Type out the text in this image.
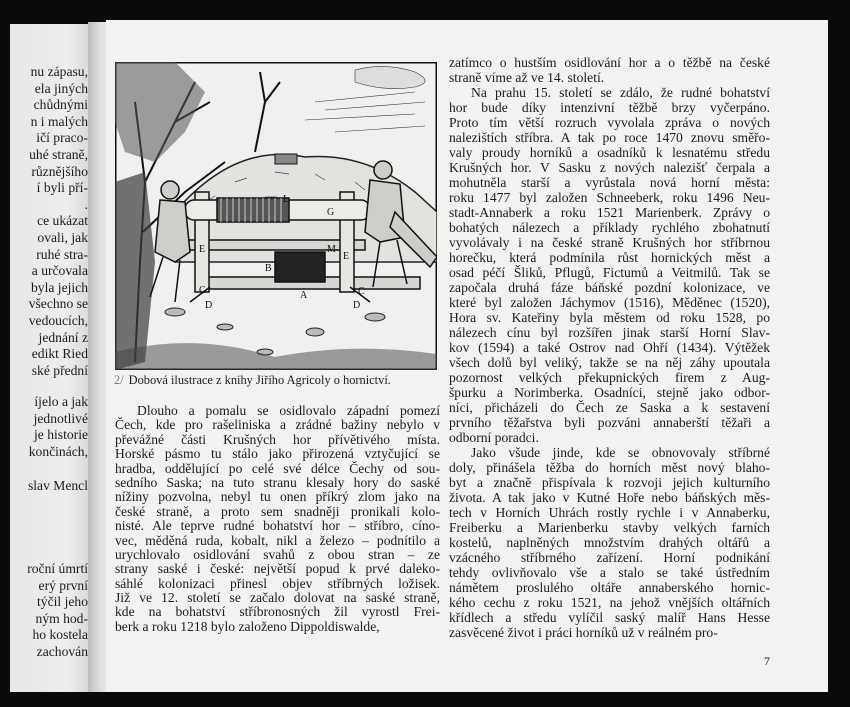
nu zápasu,
ela jiných
chůdnými
n i malých
ičí praco-
uhé straně,
různějšího
í byli pří-
.
ce ukázat
ovali, jak
ruhé stra-
a určovala
byla jejich
všechno se
vedoucích,
jednání z
edikt Ried
ské přední
íjelo a jak
jednotlivé
je historie
končinách,
slav Mencl
roční úmrtí
erý první
týčil jeho
ným hod-
ho kostela
zachován
G
E
E
B
A
C	C
D	D
L
M
2/ Dobová ilustrace z knihy Jiřího Agricoly o hornictví.
Dlouho a pomalu se osidlovalo západní pomezí
Čech, kde pro rašeliniska a zrádné bažiny nebylo v
převážné části Krušných hor přívětivého místa.
Horské pásmo tu stálo jako přirozená vztyčující se
hradba, oddělující po celé své délce Čechy od sou-
sedního Saska; na tuto stranu klesaly hory do saské
nížiny pozvolna, nebyl tu onen příkrý zlom jako na
české straně, a proto sem snadněji pronikali kolo-
nisté. Ale teprve rudné bohatství hor – stříbro, cíno-
vec, měděná ruda, kobalt, nikl a železo – podnítilo a
urychlovalo osidlování svahů z obou stran – ze
strany saské i české: největší popud k prvé daleko-
sáhlé kolonizaci přinesl objev stříbrných ložisek.
Již ve 12. století se začalo dolovat na saské straně,
kde na bohatství stříbronosných žil vyrostl Frei-
berk a roku 1218 bylo založeno Dippoldiswalde,
zatímco o hustším osidlování hor a o těžbě na české
straně víme až ve 14. století.
Na prahu 15. století se zdálo, že rudné bohatství
hor bude díky intenzivní těžbě brzy vyčerpáno.
Proto tím větší rozruch vyvolala zpráva o nových
nalezištích stříbra. A tak po roce 1470 znovu směřo-
valy proudy horníků a osadníků k lesnatému středu
Krušných hor. V Sasku z nových nalezišť čerpala a
mohutněla starší a vyrůstala nová horní města:
roku 1477 byl založen Schneeberk, roku 1496 Neu-
stadt-Annaberk a roku 1521 Marienberk. Zprávy o
bohatých nálezech a příklady rychlého zbohatnutí
vyvolávaly i na české straně Krušných hor stříbrnou
horečku, která podmínila růst hornických měst a
osad péčí Šliků, Pflugů, Fictumů a Veitmilů. Tak se
započala druhá fáze báňské pozdní kolonizace, ve
které byl založen Jáchymov (1516), Měděnec (1520),
Hora sv. Kateřiny byla městem od roku 1528, po
nálezech cínu byl rozšířen jinak starší Horní Slav-
kov (1594) a také Ostrov nad Ohří (1434). Výtěžek
všech dolů byl veliký, takže se na něj záhy upoutala
pozornost velkých překupnických firem z Aug-
špurku a Norimberka. Osadníci, stejně jako odbor-
níci, přicházeli do Čech ze Saska a k sestavení
prvního těžařstva byli pozváni annaberští těžaři a
odborní poradci.
Jako všude jinde, kde se obnovovaly stříbrné
doly, přinášela těžba do horních měst nový blaho-
byt a značně přispívala k rozvoji jejich kulturního
života. A tak jako v Kutné Hoře nebo báňských měs-
tech v Horních Uhrách rostly rychle i v Annaberku,
Freiberku a Marienberku stavby velkých farních
kostelů, naplněných množstvím drahých oltářů a
vzácného stříbrného zařízení. Horní podnikání
tehdy ovlivňovalo vše a stalo se také ústředním
námětem proslulého oltáře annaberského hornic-
kého cechu z roku 1521, na jehož vnějších oltářních
křídlech a středu vylíčil saský malíř Hans Hesse
zasvěcené život i práci horníků už v reálném pro-
7
